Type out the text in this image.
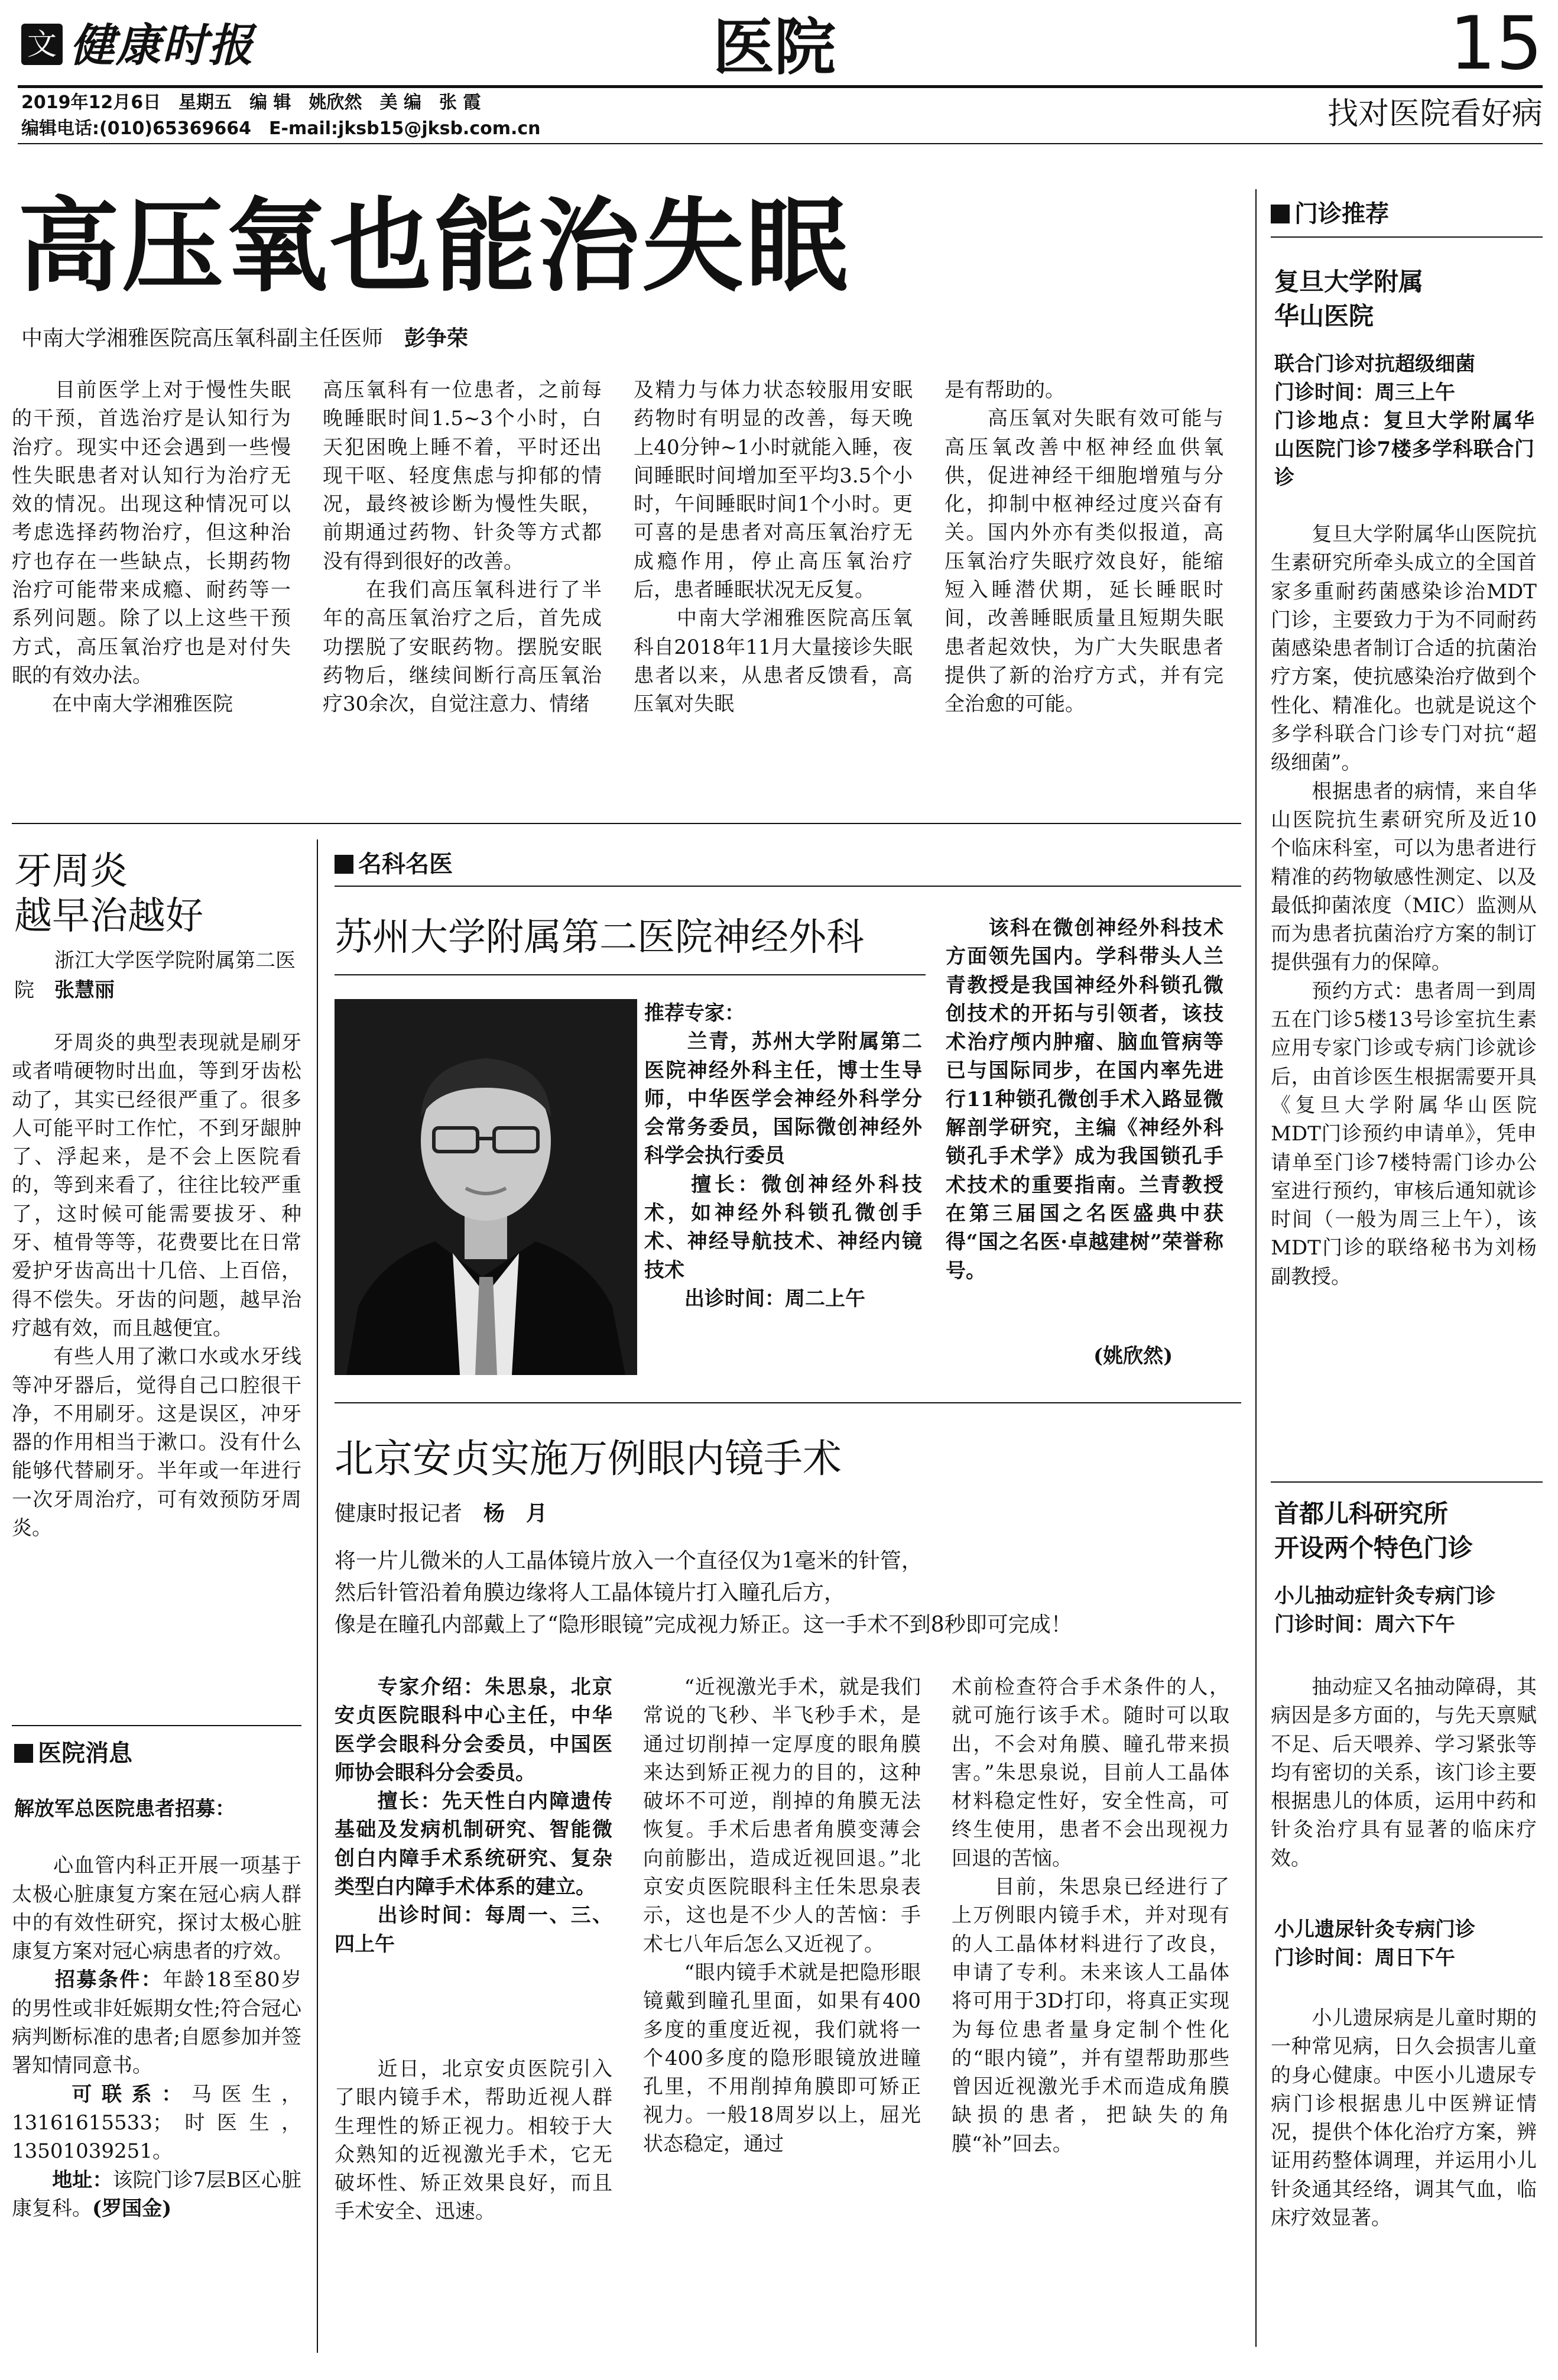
文 健康时报	医院	15
2019年12月6日　星期五　编 辑　姚欣然　美 编　张 霞
编辑电话:(010)65369664　E-mail:jksb15@jksb.com.cn	找对医院看好病
高压氧也能治失眠
中南大学湘雅医院高压氧科副主任医师　彭争荣
　　目前医学上对于慢性失眠的干预，首选治疗是认知行为治疗。现实中还会遇到一些慢性失眠患者对认知行为治疗无效的情况。出现这种情况可以考虑选择药物治疗，但这种治疗也存在一些缺点，长期药物治疗可能带来成瘾、耐药等一系列问题。除了以上这些干预方式，高压氧治疗也是对付失眠的有效办法。
　　在中南大学湘雅医院
高压氧科有一位患者，之前每晚睡眠时间1.5~3个小时，白天犯困晚上睡不着，平时还出现干呕、轻度焦虑与抑郁的情况，最终被诊断为慢性失眠，前期通过药物、针灸等方式都没有得到很好的改善。
　　在我们高压氧科进行了半年的高压氧治疗之后，首先成功摆脱了安眠药物。摆脱安眠药物后，继续间断行高压氧治疗30余次，自觉注意力、情绪
及精力与体力状态较服用安眠药物时有明显的改善，每天晚上40分钟~1小时就能入睡，夜间睡眠时间增加至平均3.5个小时，午间睡眠时间1个小时。更可喜的是患者对高压氧治疗无成瘾作用，停止高压氧治疗后，患者睡眠状况无反复。
　　中南大学湘雅医院高压氧科自2018年11月大量接诊失眠患者以来，从患者反馈看，高压氧对失眠
是有帮助的。
　　高压氧对失眠有效可能与高压氧改善中枢神经血供氧供，促进神经干细胞增殖与分化，抑制中枢神经过度兴奋有关。国内外亦有类似报道，高压氧治疗失眠疗效良好，能缩短入睡潜伏期，延长睡眠时间，改善睡眠质量且短期失眠患者起效快，为广大失眠患者提供了新的治疗方式，并有完全治愈的可能。
牙周炎
越早治越好
　　浙江大学医学院附属第二医院　张慧丽
　　牙周炎的典型表现就是刷牙或者啃硬物时出血，等到牙齿松动了，其实已经很严重了。很多人可能平时工作忙，不到牙龈肿了、浮起来，是不会上医院看的，等到来看了，往往比较严重了，这时候可能需要拔牙、种牙、植骨等等，花费要比在日常爱护牙齿高出十几倍、上百倍，得不偿失。牙齿的问题，越早治疗越有效，而且越便宜。
　　有些人用了漱口水或水牙线等冲牙器后，觉得自己口腔很干净，不用刷牙。这是误区，冲牙器的作用相当于漱口。没有什么能够代替刷牙。半年或一年进行一次牙周治疗，可有效预防牙周炎。
医院消息
解放军总医院患者招募：

　　心血管内科正开展一项基于太极心脏康复方案在冠心病人群中的有效性研究，探讨太极心脏康复方案对冠心病患者的疗效。
　　招募条件：年龄18至80岁的男性或非妊娠期女性;符合冠心病判断标准的患者;自愿参加并签署知情同意书。
　　可联系：马医生，13161615533；时医生，13501039251。
　　地址：该院门诊7层B区心脏康复科。(罗国金)

名科名医
苏州大学附属第二医院神经外科
推荐专家：
　　兰青，苏州大学附属第二医院神经外科主任，博士生导师，中华医学会神经外科学分会常务委员，国际微创神经外科学会执行委员
　　擅长：微创神经外科技术，如神经外科锁孔微创手术、神经导航技术、神经内镜技术
　　出诊时间：周二上午
　　该科在微创神经外科技术方面领先国内。学科带头人兰青教授是我国神经外科锁孔微创技术的开拓与引领者，该技术治疗颅内肿瘤、脑血管病等已与国际同步，在国内率先进行11种锁孔微创手术入路显微解剖学研究，主编《神经外科锁孔手术学》成为我国锁孔手术技术的重要指南。兰青教授在第三届国之名医盛典中获得“国之名医·卓越建树”荣誉称号。
(姚欣然)
北京安贞实施万例眼内镜手术
健康时报记者　杨　月
将一片儿微米的人工晶体镜片放入一个直径仅为1毫米的针管，
然后针管沿着角膜边缘将人工晶体镜片打入瞳孔后方，
像是在瞳孔内部戴上了“隐形眼镜”完成视力矫正。这一手术不到8秒即可完成！
　　专家介绍：朱思泉，北京安贞医院眼科中心主任，中华医学会眼科分会委员，中国医师协会眼科分会委员。
　　擅长：先天性白内障遗传基础及发病机制研究、智能微创白内障手术系统研究、复杂类型白内障手术体系的建立。
　　出诊时间：每周一、三、四上午
　　近日，北京安贞医院引入了眼内镜手术，帮助近视人群生理性的矫正视力。相较于大众熟知的近视激光手术，它无破坏性、矫正效果良好，而且手术安全、迅速。
　　“近视激光手术，就是我们常说的飞秒、半飞秒手术，是通过切削掉一定厚度的眼角膜来达到矫正视力的目的，这种破坏不可逆，削掉的角膜无法恢复。手术后患者角膜变薄会向前膨出，造成近视回退。”北京安贞医院眼科主任朱思泉表示，这也是不少人的苦恼：手术七八年后怎么又近视了。
　　“眼内镜手术就是把隐形眼镜戴到瞳孔里面，如果有400多度的重度近视，我们就将一个400多度的隐形眼镜放进瞳孔里，不用削掉角膜即可矫正视力。一般18周岁以上，屈光状态稳定，通过
术前检查符合手术条件的人，就可施行该手术。随时可以取出，不会对角膜、瞳孔带来损害。”朱思泉说，目前人工晶体材料稳定性好，安全性高，可终生使用，患者不会出现视力回退的苦恼。
　　目前，朱思泉已经进行了上万例眼内镜手术，并对现有的人工晶体材料进行了改良，申请了专利。未来该人工晶体将可用于3D打印，将真正实现为每位患者量身定制个性化的“眼内镜”，并有望帮助那些曾因近视激光手术而造成角膜缺损的患者，把缺失的角膜“补”回去。
门诊推荐
复旦大学附属
华山医院
联合门诊对抗超级细菌
门诊时间：周三上午
门诊地点：复旦大学附属华山医院门诊7楼多学科联合门诊
　　复旦大学附属华山医院抗生素研究所牵头成立的全国首家多重耐药菌感染诊治MDT门诊，主要致力于为不同耐药菌感染患者制订合适的抗菌治疗方案，使抗感染治疗做到个性化、精准化。也就是说这个多学科联合门诊专门对抗“超级细菌”。
　　根据患者的病情，来自华山医院抗生素研究所及近10个临床科室，可以为患者进行精准的药物敏感性测定、以及最低抑菌浓度（MIC）监测从而为患者抗菌治疗方案的制订提供强有力的保障。
　　预约方式：患者周一到周五在门诊5楼13号诊室抗生素应用专家门诊或专病门诊就诊后，由首诊医生根据需要开具《复旦大学附属华山医院MDT门诊预约申请单》，凭申请单至门诊7楼特需门诊办公室进行预约，审核后通知就诊时间（一般为周三上午），该MDT门诊的联络秘书为刘杨副教授。
首都儿科研究所
开设两个特色门诊
小儿抽动症针灸专病门诊
门诊时间：周六下午
　　抽动症又名抽动障碍，其病因是多方面的，与先天禀赋不足、后天喂养、学习紧张等均有密切的关系，该门诊主要根据患儿的体质，运用中药和针灸治疗具有显著的临床疗效。
小儿遗尿针灸专病门诊
门诊时间：周日下午
　　小儿遗尿病是儿童时期的一种常见病，日久会损害儿童的身心健康。中医小儿遗尿专病门诊根据患儿中医辨证情况，提供个体化治疗方案，辨证用药整体调理，并运用小儿针灸通其经络，调其气血，临床疗效显著。
